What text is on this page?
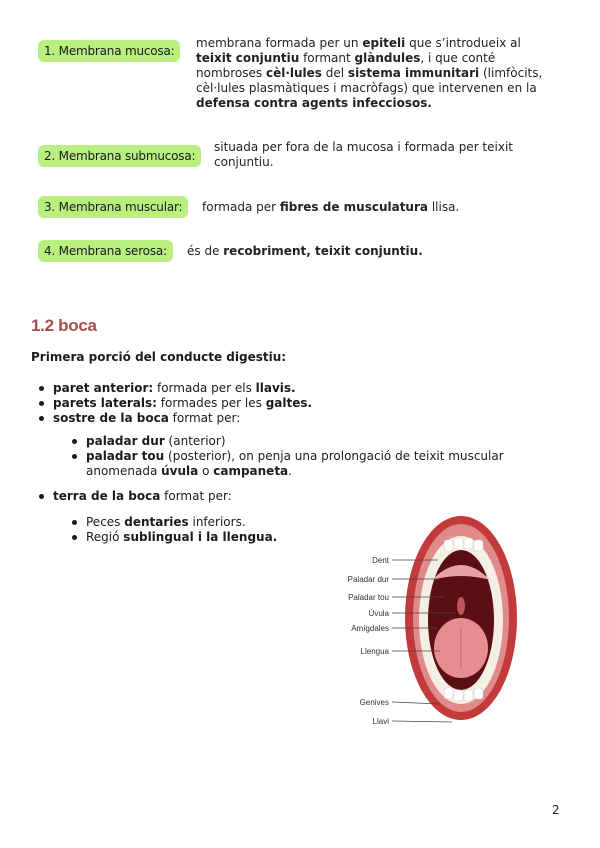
1. Membrana mucosa:
membrana formada per un epiteli que s’introdueix al teixit conjuntiu formant glàndules, i que conté nombroses cèl·lules del sistema immunitari (limfòcits, cèl·lules plasmàtiques i macròfags) que intervenen en la defensa contra agents infecciosos.
2. Membrana submucosa:
situada per fora de la mucosa i formada per teixit conjuntiu.
3. Membrana muscular:	formada per fibres de musculatura llisa.
4. Membrana serosa:	és de recobriment, teixit conjuntiu.
1.2 boca
Primera porció del conducte digestiu:
paret anterior: formada per els llavis.
parets laterals: formades per les galtes.
sostre de la boca format per:
paladar dur (anterior)
paladar tou (posterior), on penja una prolongació de teixit muscular anomenada úvula o campaneta.
terra de la boca format per:
Peces dentaries inferiors.
Regió sublingual i la llengua.
Dent
Paladar dur
Paladar tou
Úvula
Amígdales
Llengua
Genives
Llavi
2
